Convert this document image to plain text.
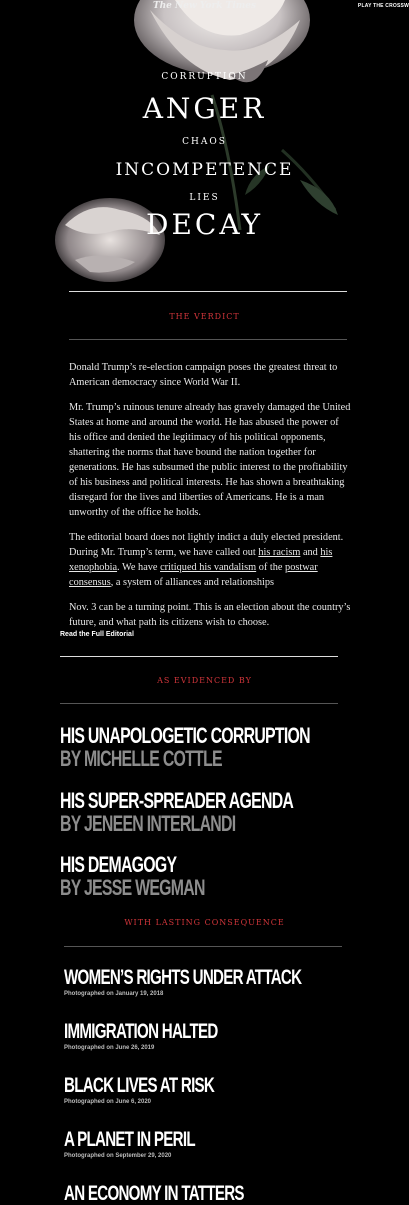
The New York Times	PLAY THE CROSSW
CORRUPTION
ANGER
CHAOS
INCOMPETENCE
LIES
DECAY
THE VERDICT

Donald Trump’s re-election campaign poses the greatest threat to American democracy since World War II.

Mr. Trump’s ruinous tenure already has gravely damaged the United States at home and around the world. He has abused the power of his office and denied the legitimacy of his political opponents, shattering the norms that have bound the nation together for generations. He has subsumed the public interest to the profitability of his business and political interests. He has shown a breathtaking disregard for the lives and liberties of Americans. He is a man unworthy of the office he holds.

The editorial board does not lightly indict a duly elected president. During Mr. Trump’s term, we have called out his racism and his xenophobia. We have critiqued his vandalism of the postwar consensus, a system of alliances and relationships

Nov. 3 can be a turning point. This is an election about the country’s future, and what path its citizens wish to choose.

Read the Full Editorial
AS EVIDENCED BY
HIS UNAPOLOGETIC CORRUPTION
BY MICHELLE COTTLE
HIS SUPER-SPREADER AGENDA
BY JENEEN INTERLANDI
HIS DEMAGOGY
BY JESSE WEGMAN
WITH LASTING CONSEQUENCE
WOMEN’S RIGHTS UNDER ATTACK
Photographed on January 19, 2018
IMMIGRATION HALTED
Photographed on June 26, 2019
BLACK LIVES AT RISK
Photographed on June 6, 2020
A PLANET IN PERIL
Photographed on September 29, 2020
AN ECONOMY IN TATTERS
